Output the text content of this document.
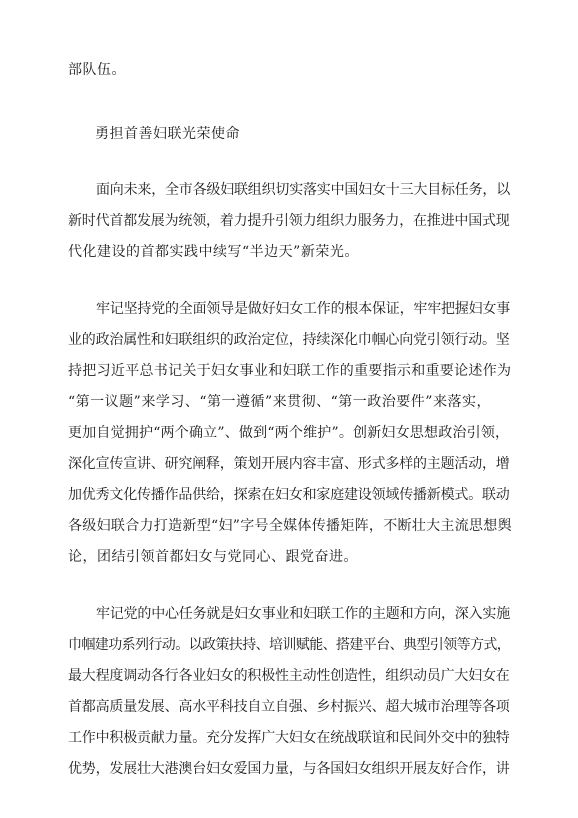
部队伍。
勇担首善妇联光荣使命
面向未来，全市各级妇联组织切实落实中国妇女十三大目标任务，以
新时代首都发展为统领，着力提升引领力组织力服务力，在推进中国式现
代化建设的首都实践中续写“半边天”新荣光。
牢记坚持党的全面领导是做好妇女工作的根本保证，牢牢把握妇女事
业的政治属性和妇联组织的政治定位，持续深化巾帼心向党引领行动。坚
持把习近平总书记关于妇女事业和妇联工作的重要指示和重要论述作为
“第一议题”来学习、“第一遵循”来贯彻、“第一政治要件”来落实，
更加自觉拥护“两个确立”、做到“两个维护”。创新妇女思想政治引领，
深化宣传宣讲、研究阐释，策划开展内容丰富、形式多样的主题活动，增
加优秀文化传播作品供给，探索在妇女和家庭建设领域传播新模式。联动
各级妇联合力打造新型“妇”字号全媒体传播矩阵，不断壮大主流思想舆
论，团结引领首都妇女与党同心、跟党奋进。
牢记党的中心任务就是妇女事业和妇联工作的主题和方向，深入实施
巾帼建功系列行动。以政策扶持、培训赋能、搭建平台、典型引领等方式，
最大程度调动各行各业妇女的积极性主动性创造性，组织动员广大妇女在
首都高质量发展、高水平科技自立自强、乡村振兴、超大城市治理等各项
工作中积极贡献力量。充分发挥广大妇女在统战联谊和民间外交中的独特
优势，发展壮大港澳台妇女爱国力量，与各国妇女组织开展友好合作，讲
